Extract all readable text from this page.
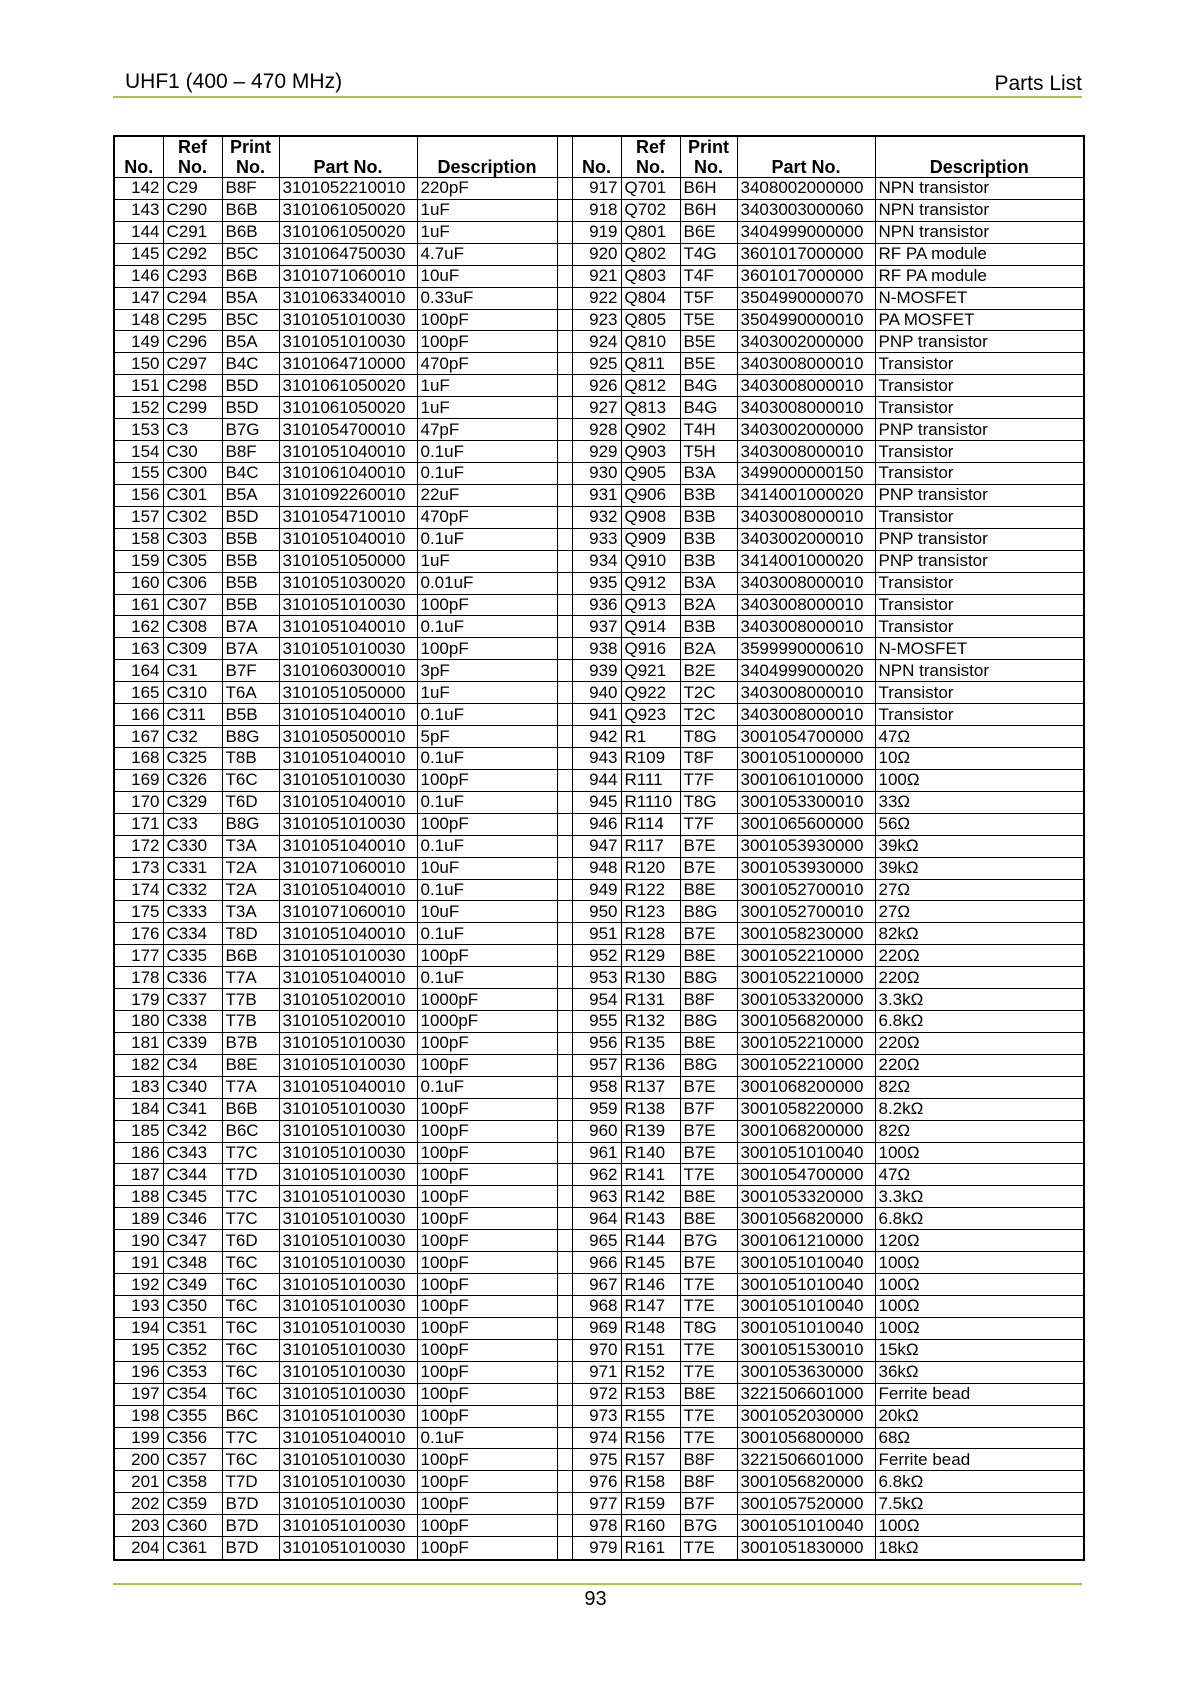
UHF1 (400 – 470 MHz)	Parts List
No.	Ref
No.	Print
No.	Part No.	Description		No.	Ref
No.	Print
No.	Part No.	Description
142	C29	B8F	3101052210010	220pF		917	Q701	B6H	3408002000000	NPN transistor
143	C290	B6B	3101061050020	1uF		918	Q702	B6H	3403003000060	NPN transistor
144	C291	B6B	3101061050020	1uF		919	Q801	B6E	3404999000000	NPN transistor
145	C292	B5C	3101064750030	4.7uF		920	Q802	T4G	3601017000000	RF PA module
146	C293	B6B	3101071060010	10uF		921	Q803	T4F	3601017000000	RF PA module
147	C294	B5A	3101063340010	0.33uF		922	Q804	T5F	3504990000070	N-MOSFET
148	C295	B5C	3101051010030	100pF		923	Q805	T5E	3504990000010	PA MOSFET
149	C296	B5A	3101051010030	100pF		924	Q810	B5E	3403002000000	PNP transistor
150	C297	B4C	3101064710000	470pF		925	Q811	B5E	3403008000010	Transistor
151	C298	B5D	3101061050020	1uF		926	Q812	B4G	3403008000010	Transistor
152	C299	B5D	3101061050020	1uF		927	Q813	B4G	3403008000010	Transistor
153	C3	B7G	3101054700010	47pF		928	Q902	T4H	3403002000000	PNP transistor
154	C30	B8F	3101051040010	0.1uF		929	Q903	T5H	3403008000010	Transistor
155	C300	B4C	3101061040010	0.1uF		930	Q905	B3A	3499000000150	Transistor
156	C301	B5A	3101092260010	22uF		931	Q906	B3B	3414001000020	PNP transistor
157	C302	B5D	3101054710010	470pF		932	Q908	B3B	3403008000010	Transistor
158	C303	B5B	3101051040010	0.1uF		933	Q909	B3B	3403002000010	PNP transistor
159	C305	B5B	3101051050000	1uF		934	Q910	B3B	3414001000020	PNP transistor
160	C306	B5B	3101051030020	0.01uF		935	Q912	B3A	3403008000010	Transistor
161	C307	B5B	3101051010030	100pF		936	Q913	B2A	3403008000010	Transistor
162	C308	B7A	3101051040010	0.1uF		937	Q914	B3B	3403008000010	Transistor
163	C309	B7A	3101051010030	100pF		938	Q916	B2A	3599990000610	N-MOSFET
164	C31	B7F	3101060300010	3pF		939	Q921	B2E	3404999000020	NPN transistor
165	C310	T6A	3101051050000	1uF		940	Q922	T2C	3403008000010	Transistor
166	C311	B5B	3101051040010	0.1uF		941	Q923	T2C	3403008000010	Transistor
167	C32	B8G	3101050500010	5pF		942	R1	T8G	3001054700000	47Ω
168	C325	T8B	3101051040010	0.1uF		943	R109	T8F	3001051000000	10Ω
169	C326	T6C	3101051010030	100pF		944	R111	T7F	3001061010000	100Ω
170	C329	T6D	3101051040010	0.1uF		945	R1110	T8G	3001053300010	33Ω
171	C33	B8G	3101051010030	100pF		946	R114	T7F	3001065600000	56Ω
172	C330	T3A	3101051040010	0.1uF		947	R117	B7E	3001053930000	39kΩ
173	C331	T2A	3101071060010	10uF		948	R120	B7E	3001053930000	39kΩ
174	C332	T2A	3101051040010	0.1uF		949	R122	B8E	3001052700010	27Ω
175	C333	T3A	3101071060010	10uF		950	R123	B8G	3001052700010	27Ω
176	C334	T8D	3101051040010	0.1uF		951	R128	B7E	3001058230000	82kΩ
177	C335	B6B	3101051010030	100pF		952	R129	B8E	3001052210000	220Ω
178	C336	T7A	3101051040010	0.1uF		953	R130	B8G	3001052210000	220Ω
179	C337	T7B	3101051020010	1000pF		954	R131	B8F	3001053320000	3.3kΩ
180	C338	T7B	3101051020010	1000pF		955	R132	B8G	3001056820000	6.8kΩ
181	C339	B7B	3101051010030	100pF		956	R135	B8E	3001052210000	220Ω
182	C34	B8E	3101051010030	100pF		957	R136	B8G	3001052210000	220Ω
183	C340	T7A	3101051040010	0.1uF		958	R137	B7E	3001068200000	82Ω
184	C341	B6B	3101051010030	100pF		959	R138	B7F	3001058220000	8.2kΩ
185	C342	B6C	3101051010030	100pF		960	R139	B7E	3001068200000	82Ω
186	C343	T7C	3101051010030	100pF		961	R140	B7E	3001051010040	100Ω
187	C344	T7D	3101051010030	100pF		962	R141	T7E	3001054700000	47Ω
188	C345	T7C	3101051010030	100pF		963	R142	B8E	3001053320000	3.3kΩ
189	C346	T7C	3101051010030	100pF		964	R143	B8E	3001056820000	6.8kΩ
190	C347	T6D	3101051010030	100pF		965	R144	B7G	3001061210000	120Ω
191	C348	T6C	3101051010030	100pF		966	R145	B7E	3001051010040	100Ω
192	C349	T6C	3101051010030	100pF		967	R146	T7E	3001051010040	100Ω
193	C350	T6C	3101051010030	100pF		968	R147	T7E	3001051010040	100Ω
194	C351	T6C	3101051010030	100pF		969	R148	T8G	3001051010040	100Ω
195	C352	T6C	3101051010030	100pF		970	R151	T7E	3001051530010	15kΩ
196	C353	T6C	3101051010030	100pF		971	R152	T7E	3001053630000	36kΩ
197	C354	T6C	3101051010030	100pF		972	R153	B8E	3221506601000	Ferrite bead
198	C355	B6C	3101051010030	100pF		973	R155	T7E	3001052030000	20kΩ
199	C356	T7C	3101051040010	0.1uF		974	R156	T7E	3001056800000	68Ω
200	C357	T6C	3101051010030	100pF		975	R157	B8F	3221506601000	Ferrite bead
201	C358	T7D	3101051010030	100pF		976	R158	B8F	3001056820000	6.8kΩ
202	C359	B7D	3101051010030	100pF		977	R159	B7F	3001057520000	7.5kΩ
203	C360	B7D	3101051010030	100pF		978	R160	B7G	3001051010040	100Ω
204	C361	B7D	3101051010030	100pF		979	R161	T7E	3001051830000	18kΩ
93
